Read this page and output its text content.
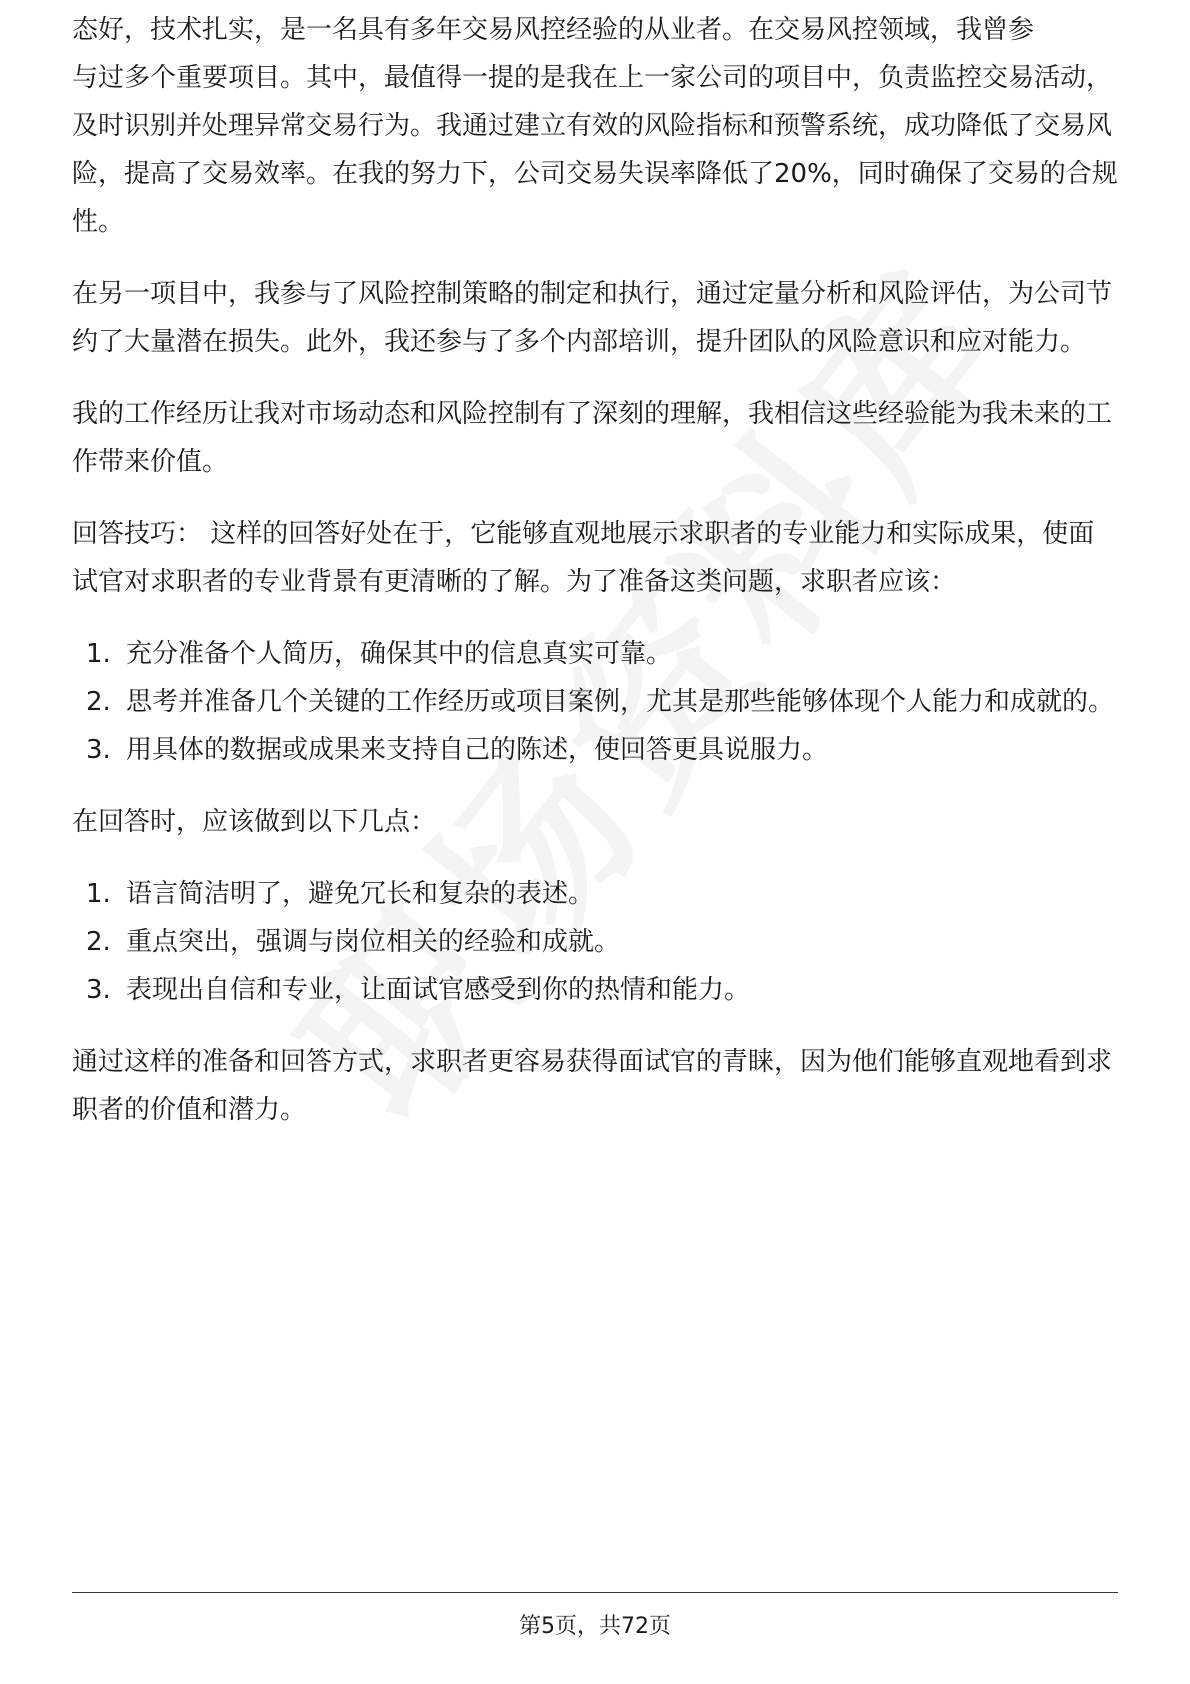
态好，技术扎实，是一名具有多年交易风控经验的从业者。在交易风控领域，我曾参

与过多个重要项目。其中，最值得一提的是我在上一家公司的项目中，负责监控交易活动，及时识别并处理异常交易行为。我通过建立有效的风险指标和预警系统，成功降低了交易风险，提高了交易效率。在我的努力下，公司交易失误率降低了20%，同时确保了交易的合规性。

在另一项目中，我参与了风险控制策略的制定和执行，通过定量分析和风险评估，为公司节约了大量潜在损失。此外，我还参与了多个内部培训，提升团队的风险意识和应对能力。

我的工作经历让我对市场动态和风险控制有了深刻的理解，我相信这些经验能为我未来的工作带来价值。

回答技巧： 这样的回答好处在于，它能够直观地展示求职者的专业能力和实际成果，使面试官对求职者的专业背景有更清晰的了解。为了准备这类问题，求职者应该：

1. 充分准备个人简历，确保其中的信息真实可靠。
2. 思考并准备几个关键的工作经历或项目案例，尤其是那些能够体现个人能力和成就的。
3. 用具体的数据或成果来支持自己的陈述，使回答更具说服力。

在回答时，应该做到以下几点：

1. 语言简洁明了，避免冗长和复杂的表述。
2. 重点突出，强调与岗位相关的经验和成就。
3. 表现出自信和专业，让面试官感受到你的热情和能力。

通过这样的准备和回答方式，求职者更容易获得面试官的青睐，因为他们能够直观地看到求职者的价值和潜力。

第5页，共72页
